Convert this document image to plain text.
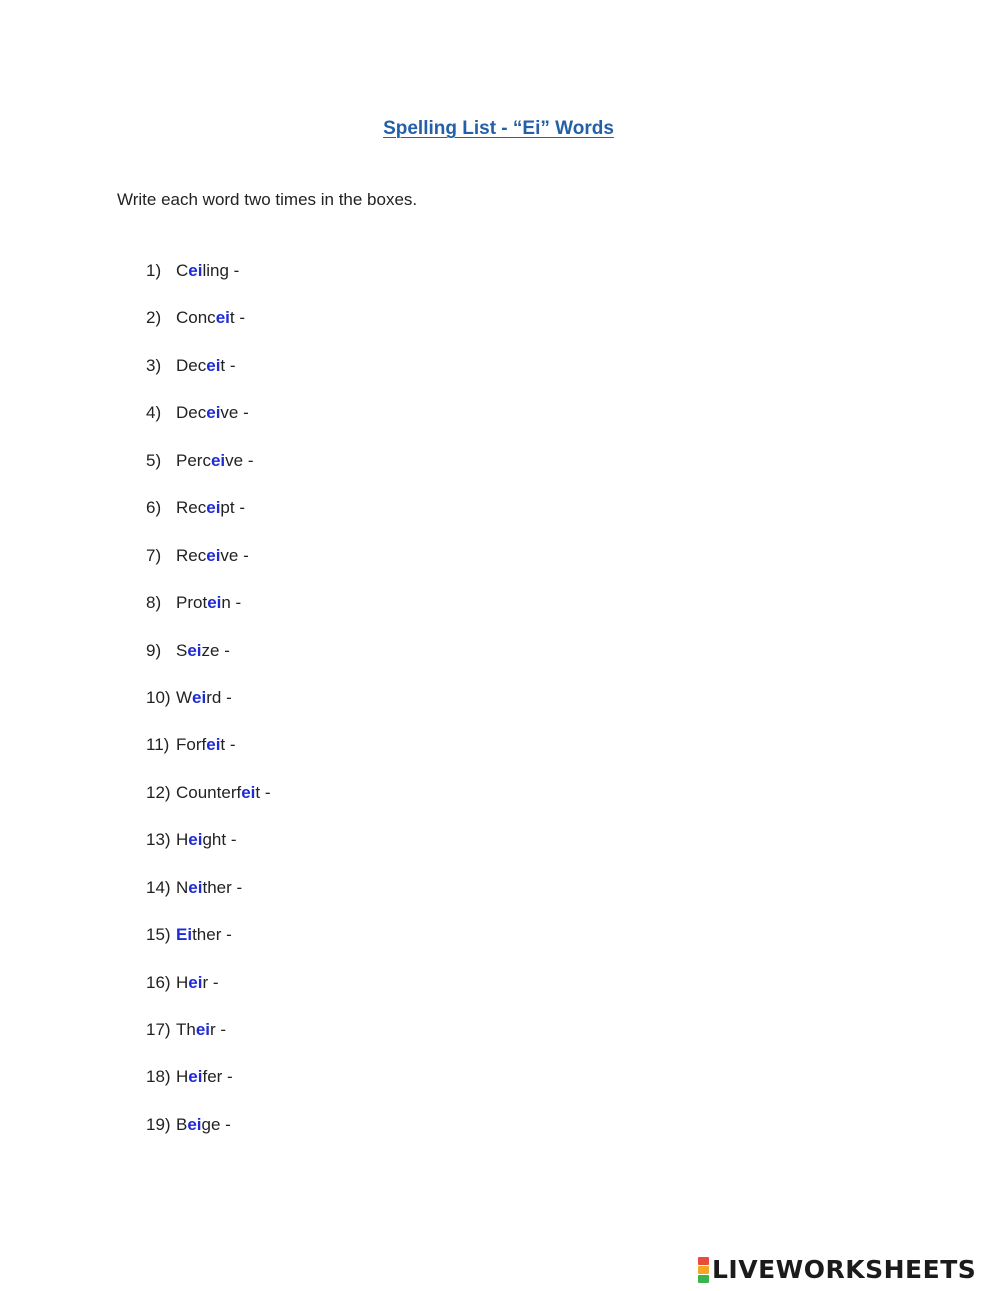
Spelling List - “Ei” Words

Write each word two times in the boxes.

1) Ceiling -
2) Conceit -
3) Deceit -
4) Deceive -
5) Perceive -
6) Receipt -
7) Receive -
8) Protein -
9) Seize -
10) Weird -
11) Forfeit -
12) Counterfeit -
13) Height -
14) Neither -
15) Either -
16) Heir -
17) Their -
18) Heifer -
19) Beige -
LIVEWORKSHEETS
